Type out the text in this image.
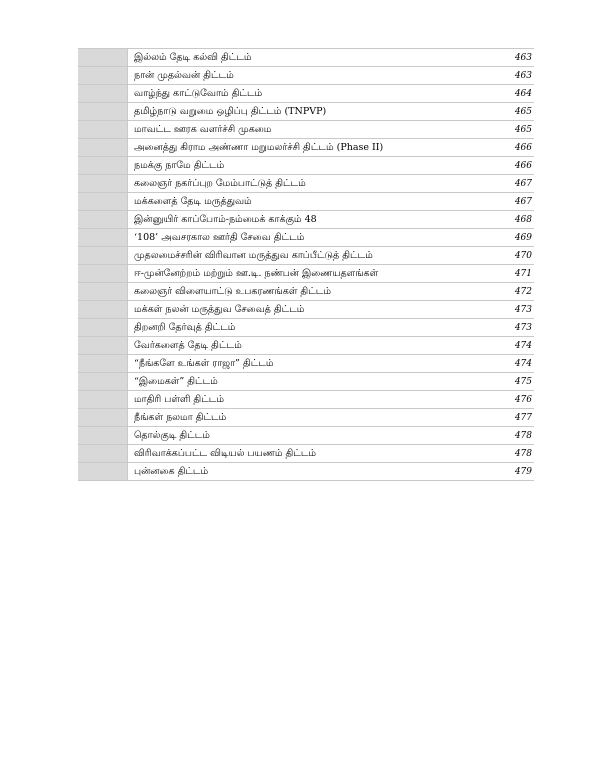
	இல்லம் தேடி கல்வி திட்டம்	463
	நான் முதல்வன் திட்டம்	463
	வாழ்ந்து காட்டுவோம் திட்டம்	464
	தமிழ்நாடு வறுமை ஒழிப்பு திட்டம் (TNPVP)	465
	மாவட்ட ஊரக வளர்ச்சி முகமை	465
	அனைத்து கிராம அண்ணா மறுமலர்ச்சி திட்டம் (Phase II)	466
	நமக்கு நாமே திட்டம்	466
	கலைஞர் நகர்ப்புற மேம்பாட்டுத் திட்டம்	467
	மக்களைத் தேடி மருத்துவம்	467
	இன்னுயிர் காப்போம்-நம்மைக் காக்கும் 48	468
	‘108’ அவசரகால ஊர்தி சேவை திட்டம்	469
	முதலமைச்சரின் விரிவான மருத்துவ காப்பீட்டுத் திட்டம்	470
	ஈ-முன்னேற்றம் மற்றும் ஊ.டி. நண்பன் இணையதளங்கள்	471
	கலைஞர் விளையாட்டு உபகரணங்கள் திட்டம்	472
	மக்கள் நலன் மருத்துவ சேவைத் திட்டம்	473
	திறனறி தேர்வுத் திட்டம்	473
	வேர்களைத் தேடி திட்டம்	474
	“நீங்களே உங்கள் ராஜா” திட்டம்	474
	“இமைகள்” திட்டம்	475
	மாதிரி பள்ளி திட்டம்	476
	நீங்கள் நலமா திட்டம்	477
	தொல்குடி திட்டம்	478
	விரிவாக்கப்பட்ட விடியல் பயணம் திட்டம்	478
	புன்னகை திட்டம்	479
